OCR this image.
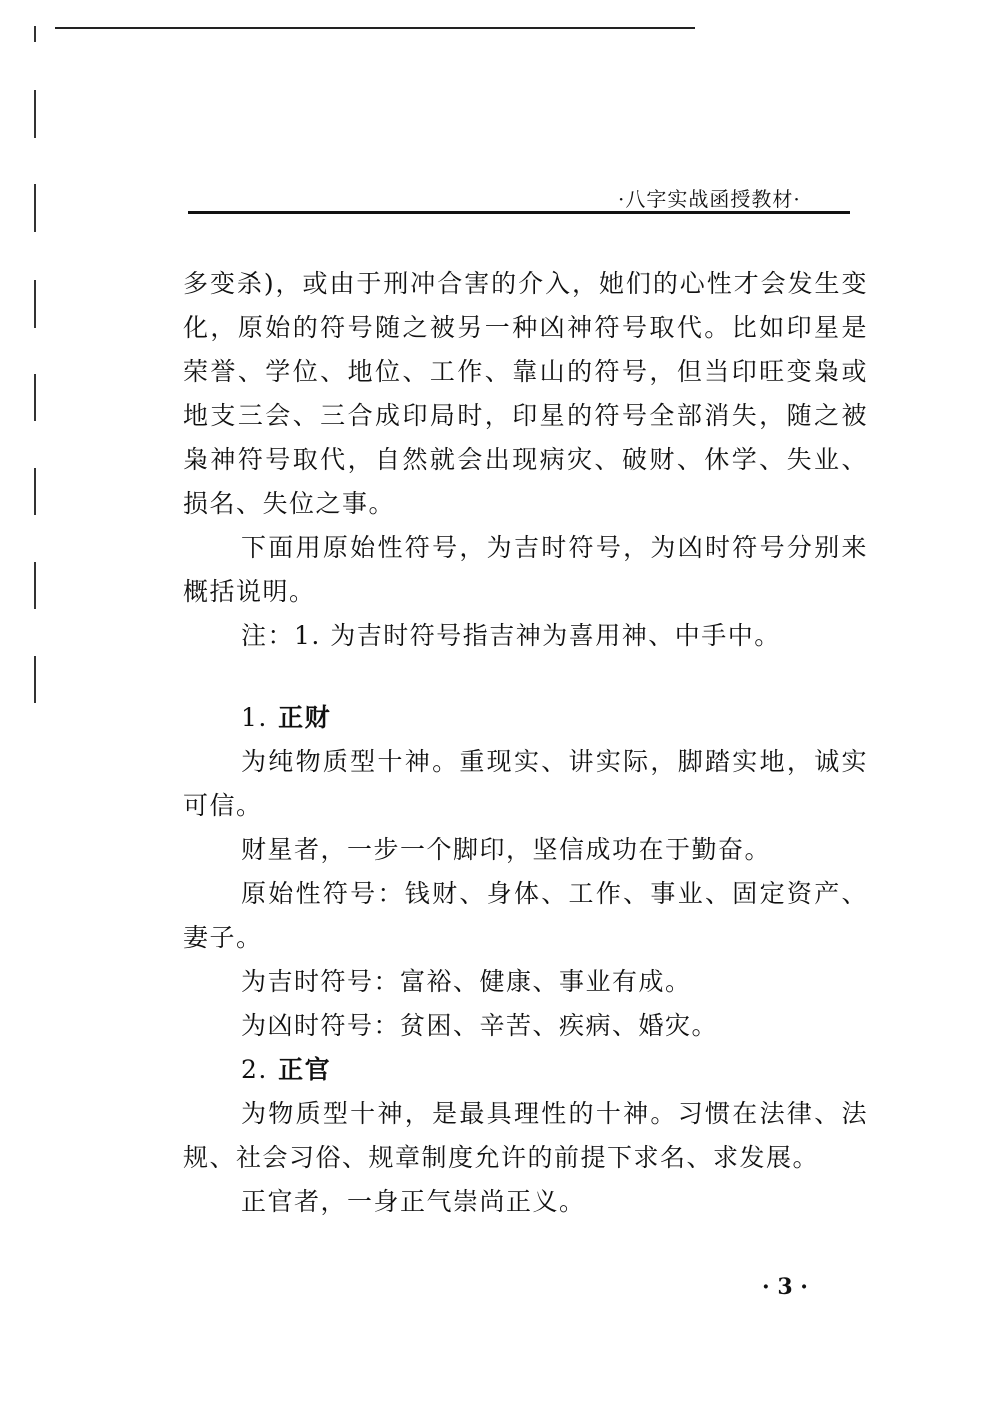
·八字实战函授教材·

多变杀)，或由于刑冲合害的介入，她们的心性才会发生变化，原始的符号随之被另一种凶神符号取代。比如印星是荣誉、学位、地位、工作、靠山的符号，但当印旺变枭或地支三会、三合成印局时，印星的符号全部消失，随之被枭神符号取代，自然就会出现病灾、破财、休学、失业、损名、失位之事。

下面用原始性符号，为吉时符号，为凶时符号分别来概括说明。

注：1. 为吉时符号指吉神为喜用神、中手中。

1. 正财

为纯物质型十神。重现实、讲实际，脚踏实地，诚实可信。

财星者，一步一个脚印，坚信成功在于勤奋。

原始性符号：钱财、身体、工作、事业、固定资产、妻子。

为吉时符号：富裕、健康、事业有成。

为凶时符号：贫困、辛苦、疾病、婚灾。

2. 正官

为物质型十神，是最具理性的十神。习惯在法律、法规、社会习俗、规章制度允许的前提下求名、求发展。

正官者，一身正气崇尚正义。

· 3 ·
